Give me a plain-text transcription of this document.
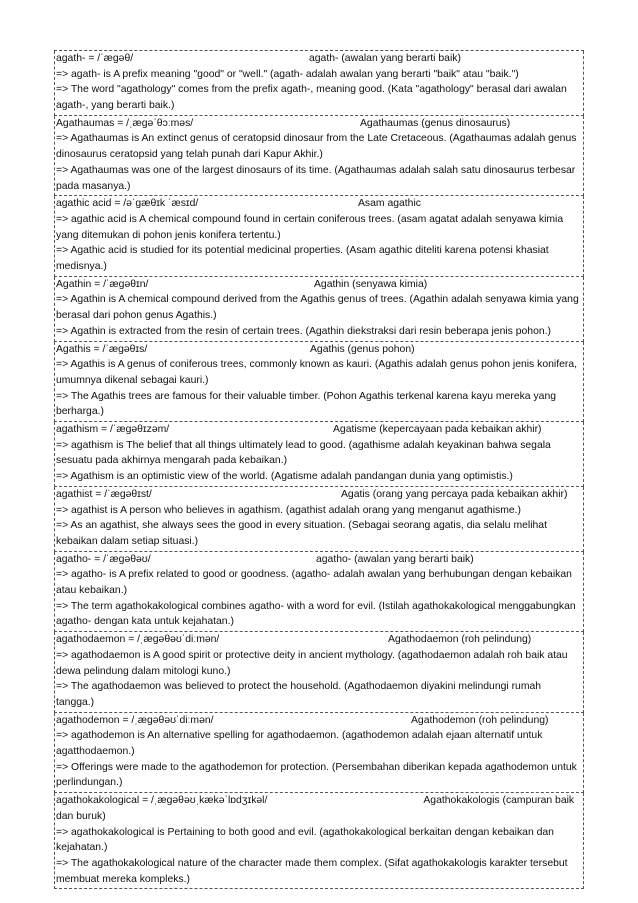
agath- = /ˈæɡəθ/	agath- (awalan yang berarti baik)
=> agath- is A prefix meaning "good" or "well." (agath- adalah awalan yang berarti "baik" atau "baik.")
=> The word "agathology" comes from the prefix agath-, meaning good. (Kata "agathology" berasal dari awalan agath-, yang berarti baik.)
Agathaumas = /ˌæɡəˈθɔːməs/	Agathaumas (genus dinosaurus)
=> Agathaumas is An extinct genus of ceratopsid dinosaur from the Late Cretaceous. (Agathaumas adalah genus dinosaurus ceratopsid yang telah punah dari Kapur Akhir.)
=> Agathaumas was one of the largest dinosaurs of its time. (Agathaumas adalah salah satu dinosaurus terbesar pada masanya.)
agathic acid = /əˈɡæθɪk ˈæsɪd/	Asam agathic
=> agathic acid is A chemical compound found in certain coniferous trees. (asam agatat adalah senyawa kimia yang ditemukan di pohon jenis konifera tertentu.)
=> Agathic acid is studied for its potential medicinal properties. (Asam agathic diteliti karena potensi khasiat medisnya.)
Agathin = /ˈæɡəθɪn/	Agathin (senyawa kimia)
=> Agathin is A chemical compound derived from the Agathis genus of trees. (Agathin adalah senyawa kimia yang berasal dari pohon genus Agathis.)
=> Agathin is extracted from the resin of certain trees. (Agathin diekstraksi dari resin beberapa jenis pohon.)
Agathis = /ˈæɡəθɪs/	Agathis (genus pohon)
=> Agathis is A genus of coniferous trees, commonly known as kauri. (Agathis adalah genus pohon jenis konifera, umumnya dikenal sebagai kauri.)
=> The Agathis trees are famous for their valuable timber. (Pohon Agathis terkenal karena kayu mereka yang berharga.)
agathism = /ˈæɡəθɪzəm/	Agatisme (kepercayaan pada kebaikan akhir)
=> agathism is The belief that all things ultimately lead to good. (agathisme adalah keyakinan bahwa segala sesuatu pada akhirnya mengarah pada kebaikan.)
=> Agathism is an optimistic view of the world. (Agatisme adalah pandangan dunia yang optimistis.)
agathist = /ˈæɡəθɪst/	Agatis (orang yang percaya pada kebaikan akhir)
=> agathist is A person who believes in agathism. (agathist adalah orang yang menganut agathisme.)
=> As an agathist, she always sees the good in every situation. (Sebagai seorang agatis, dia selalu melihat kebaikan dalam setiap situasi.)
agatho- = /ˈæɡəθəʊ/	agatho- (awalan yang berarti baik)
=> agatho- is A prefix related to good or goodness. (agatho- adalah awalan yang berhubungan dengan kebaikan atau kebaikan.)
=> The term agathokakological combines agatho- with a word for evil. (Istilah agathokakological menggabungkan agatho- dengan kata untuk kejahatan.)
agathodaemon = /ˌæɡəθəʊˈdiːmən/	Agathodaemon (roh pelindung)
=> agathodaemon is A good spirit or protective deity in ancient mythology. (agathodaemon adalah roh baik atau dewa pelindung dalam mitologi kuno.)
=> The agathodaemon was believed to protect the household. (Agathodaemon diyakini melindungi rumah tangga.)
agathodemon = /ˌæɡəθəʊˈdiːmən/	Agathodemon (roh pelindung)
=> agathodemon is An alternative spelling for agathodaemon. (agathodemon adalah ejaan alternatif untuk agatthodaemon.)
=> Offerings were made to the agathodemon for protection. (Persembahan diberikan kepada agathodemon untuk perlindungan.)
agathokakological = /ˌæɡəθəʊˌkækəˈlɒdʒɪkəl/	Agathokakologis (campuran baik dan buruk)
=> agathokakological is Pertaining to both good and evil. (agathokakological berkaitan dengan kebaikan dan kejahatan.)
=> The agathokakological nature of the character made them complex. (Sifat agathokakologis karakter tersebut membuat mereka kompleks.)
